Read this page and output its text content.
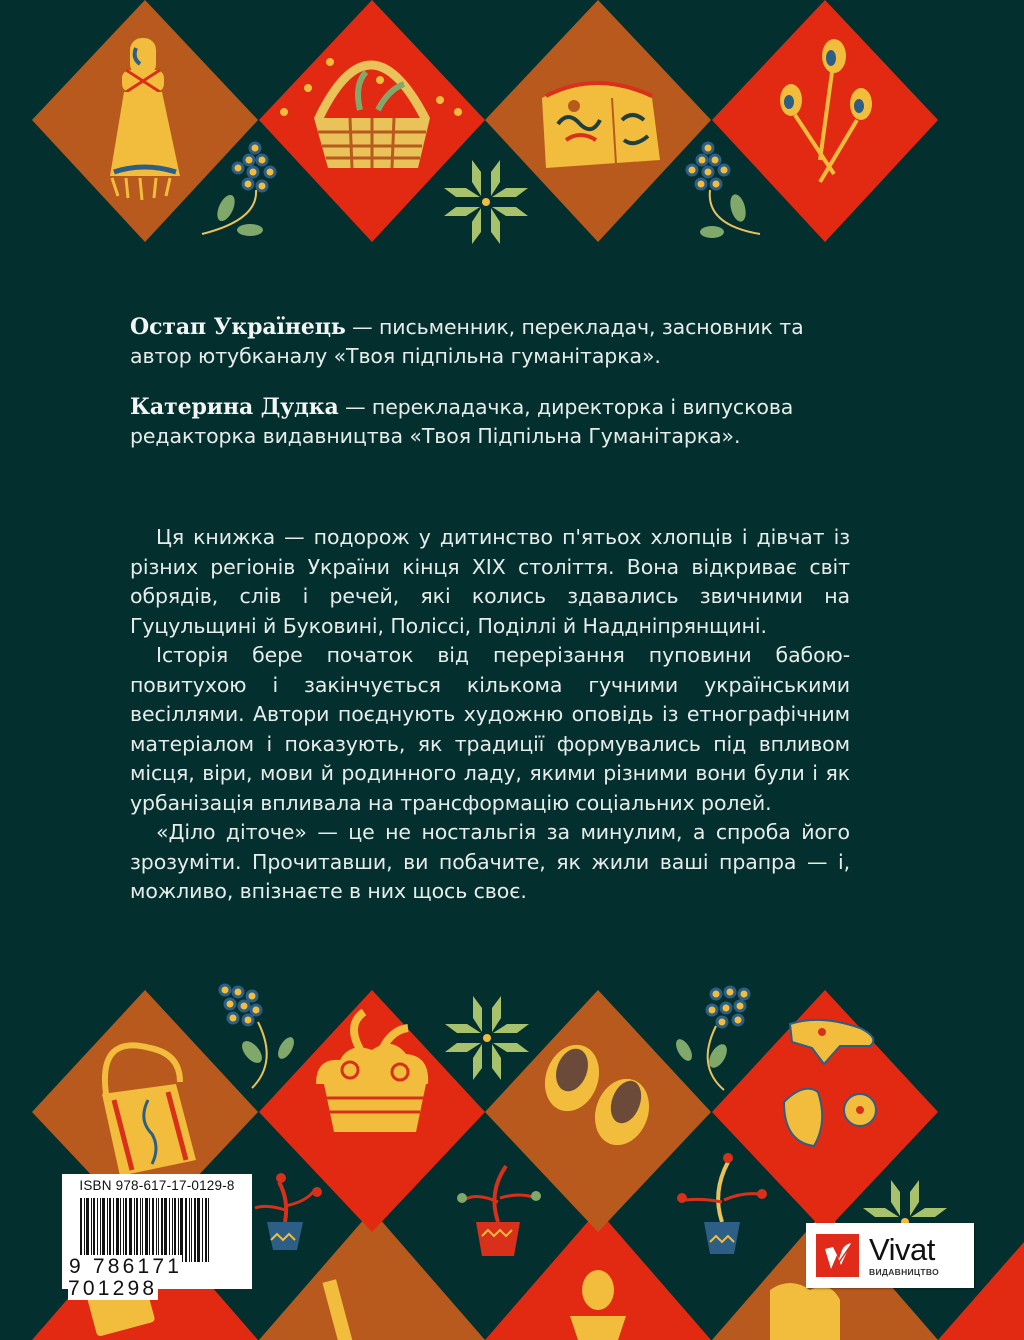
Остап Українець — письменник, перекладач, засновник та автор ютубканалу «Твоя підпільна гуманітарка».

Катерина Дудка — перекладачка, директорка і випускова редакторка видавництва «Твоя Підпільна Гуманітарка».

Ця книжка — подорож у дитинство п'ятьох хлопців і дівчат із різних регіонів України кінця XIX століття. Вона відкриває світ обрядів, слів і речей, які колись здавались звичними на Гуцульщині й Буковині, Поліссі, Поділлі й Наддніпрянщині.

Історія бере початок від перерізання пуповини бабою-повитухою і закінчується кількома гучними українськими весіллями. Автори поєднують художню оповідь із етнографічним матеріалом і показують, як традиції формувались під впливом місця, віри, мови й родинного ладу, якими різними вони були і як урбанізація впливала на трансформацію соціальних ролей.

«Діло діточе» — це не ностальгія за минулим, а спроба його зрозуміти. Прочитавши, ви побачите, як жили ваші прапра — і, можливо, впізнаєте в них щось своє.

ISBN 978-617-17-0129-8
9 786171 701298
Vivat
ВИДАВНИЦТВО
